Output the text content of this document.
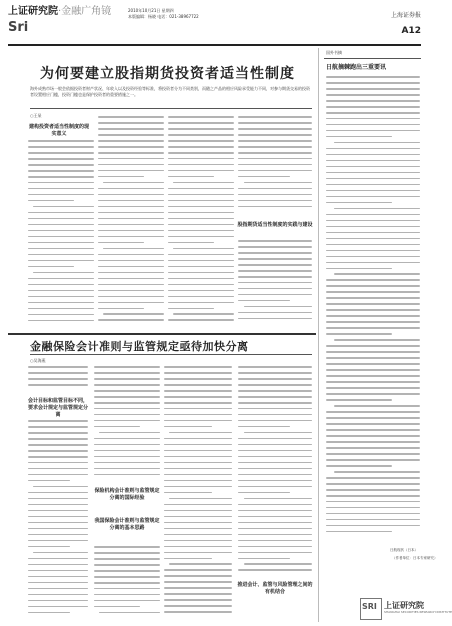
上证研究院·金融广角镜
Sri
2010年10月21日 星期四
本版编辑：杨晓 电话：021-38967722	上海证券报
A12
为何要建立股指期货投资者适当性制度
海外成熟市场一般会依据投资者财产状况、年收入以及投资经验等标准，将投资者分为不同类别，而随之产品的相应风险承受能力不同，对参与期货交易的投资者设置相应门槛，投资门槛也是保护投资者的重要措施之一。
○王杲
建构投资者适当性制度的现实意义
股指期货适当性制度的实践与建设
国外书摘
日航摘棘跑出三重要讯
日航现状（日本）
（作者单位：日本专家研究）
金融保险会计准则与监管规定亟待加快分离
○吴海燕
会计目标和监管目标不同，要求会计规定与监管规定分离
保险机构会计准则与监管规定分离的国际经验
我国保险会计准则与监管规定分离的基本思路
推进会计、监管与风险管理之间的有机结合
SRI 上证研究院
SHANGHAI SECURITIES RESEARCH INSTITUTE
